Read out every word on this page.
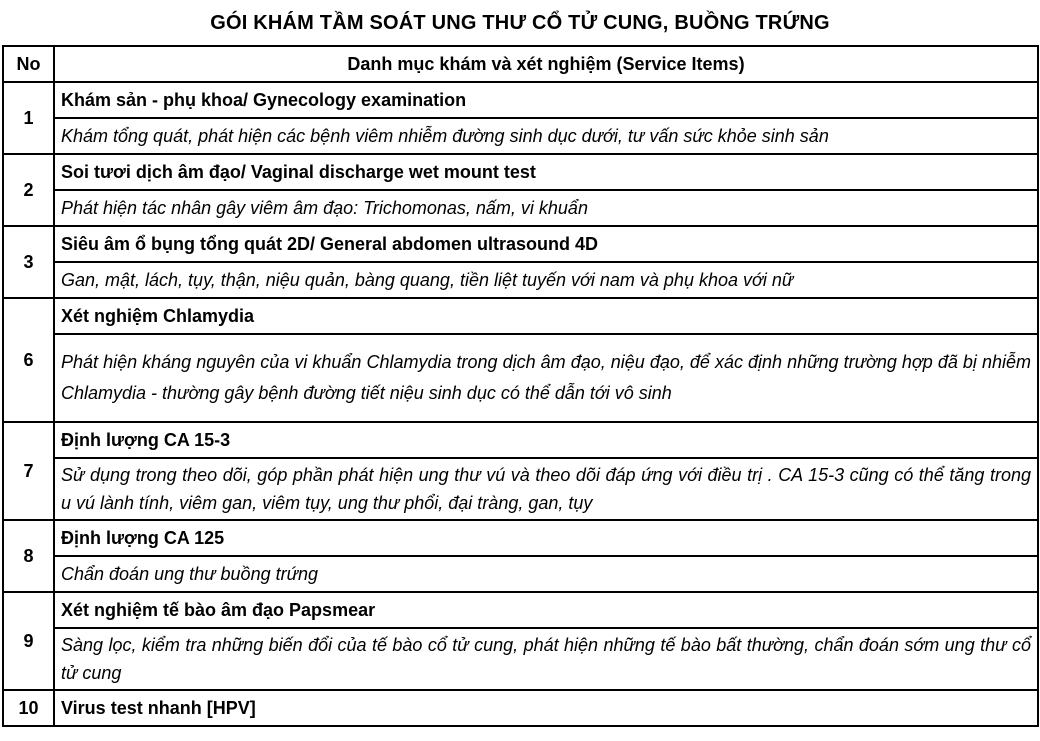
GÓI KHÁM TẦM SOÁT UNG THƯ CỔ TỬ CUNG, BUỒNG TRỨNG
No	Danh mục khám và xét nghiệm (Service Items)
1	Khám sản - phụ khoa/ Gynecology examination
	Khám tổng quát, phát hiện các bệnh viêm nhiễm đường sinh dục dưới, tư vấn sức khỏe sinh sản
2	Soi tươi dịch âm đạo/ Vaginal discharge wet mount test
	Phát hiện tác nhân gây viêm âm đạo: Trichomonas, nấm, vi khuẩn
3	Siêu âm ổ bụng tổng quát 2D/ General abdomen ultrasound 4D
	Gan, mật, lách, tụy, thận, niệu quản, bàng quang, tiền liệt tuyến với nam và phụ khoa với nữ
6	Xét nghiệm Chlamydia
	Phát hiện kháng nguyên của vi khuẩn Chlamydia trong dịch âm đạo, niệu đạo, để xác định những trường hợp đã bị nhiễm Chlamydia - thường gây bệnh đường tiết niệu sinh dục có thể dẫn tới vô sinh
7	Định lượng CA 15-3
	Sử dụng trong theo dõi, góp phần phát hiện ung thư vú và theo dõi đáp ứng với điều trị . CA 15-3 cũng có thể tăng trong u vú lành tính, viêm gan, viêm tụy, ung thư phổi, đại tràng, gan, tụy
8	Định lượng CA 125
	Chẩn đoán ung thư buồng trứng
9	Xét nghiệm tế bào âm đạo Papsmear
	Sàng lọc, kiểm tra những biến đổi của tế bào cổ tử cung, phát hiện những tế bào bất thường, chẩn đoán sớm ung thư cổ tử cung
10	Virus test nhanh [HPV]
